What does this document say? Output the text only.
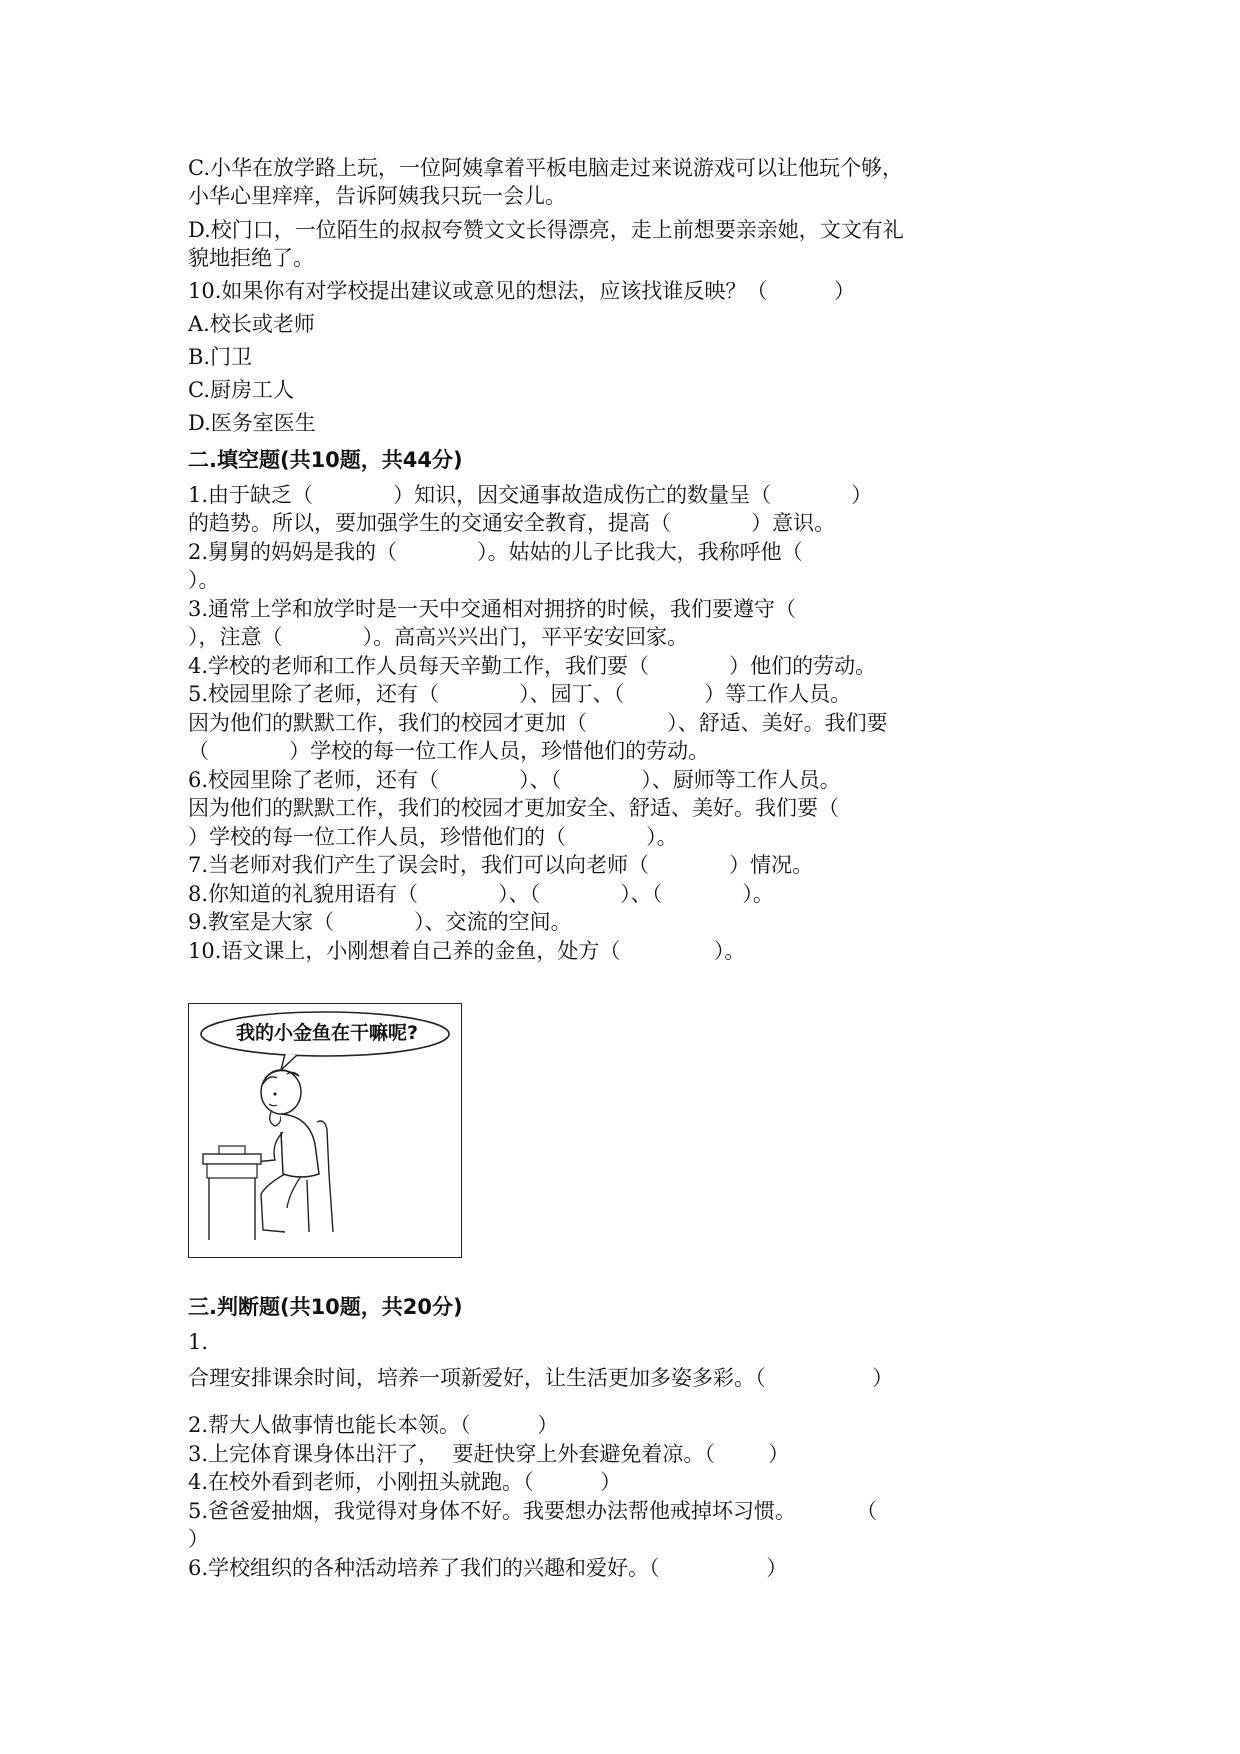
C.小华在放学路上玩，一位阿姨拿着平板电脑走过来说游戏可以让他玩个够，
小华心里痒痒，告诉阿姨我只玩一会儿。
D.校门口，一位陌生的叔叔夸赞文文长得漂亮，走上前想要亲亲她，文文有礼
貌地拒绝了。
10.如果你有对学校提出建议或意见的想法，应该找谁反映？（          ）
A.校长或老师
B.门卫
C.厨房工人
D.医务室医生
二.填空题(共10题，共44分)
1.由于缺乏（            ）知识，因交通事故造成伤亡的数量呈（            ）
的趋势。所以，要加强学生的交通安全教育，提高（            ）意识。
2.舅舅的妈妈是我的（            ）。姑姑的儿子比我大，我称呼他（
）。
3.通常上学和放学时是一天中交通相对拥挤的时候，我们要遵守（
），注意（            ）。高高兴兴出门，平平安安回家。
4.学校的老师和工作人员每天辛勤工作，我们要（            ）他们的劳动。
5.校园里除了老师，还有（            ）、园丁、（            ）等工作人员。
因为他们的默默工作，我们的校园才更加（            ）、舒适、美好。我们要
（            ）学校的每一位工作人员，珍惜他们的劳动。
6.校园里除了老师，还有（            ）、（            ）、厨师等工作人员。
因为他们的默默工作，我们的校园才更加安全、舒适、美好。我们要（
）学校的每一位工作人员，珍惜他们的（            ）。
7.当老师对我们产生了误会时，我们可以向老师（            ）情况。
8.你知道的礼貌用语有（            ）、（            ）、（            ）。
9.教室是大家（            ）、交流的空间。
10.语文课上，小刚想着自己养的金鱼，处方（              ）。
我的小金鱼在干嘛呢?
三.判断题(共10题，共20分)
1.
合理安排课余时间，培养一项新爱好，让生活更加多姿多彩。（                ）
2.帮大人做事情也能长本领。（          ）
3.上完体育课身体出汗了，  要赶快穿上外套避免着凉。（        ）
4.在校外看到老师，小刚扭头就跑。（          ）
5.爸爸爱抽烟，我觉得对身体不好。我要想办法帮他戒掉坏习惯。         （
）
6.学校组织的各种活动培养了我们的兴趣和爱好。（                ）
